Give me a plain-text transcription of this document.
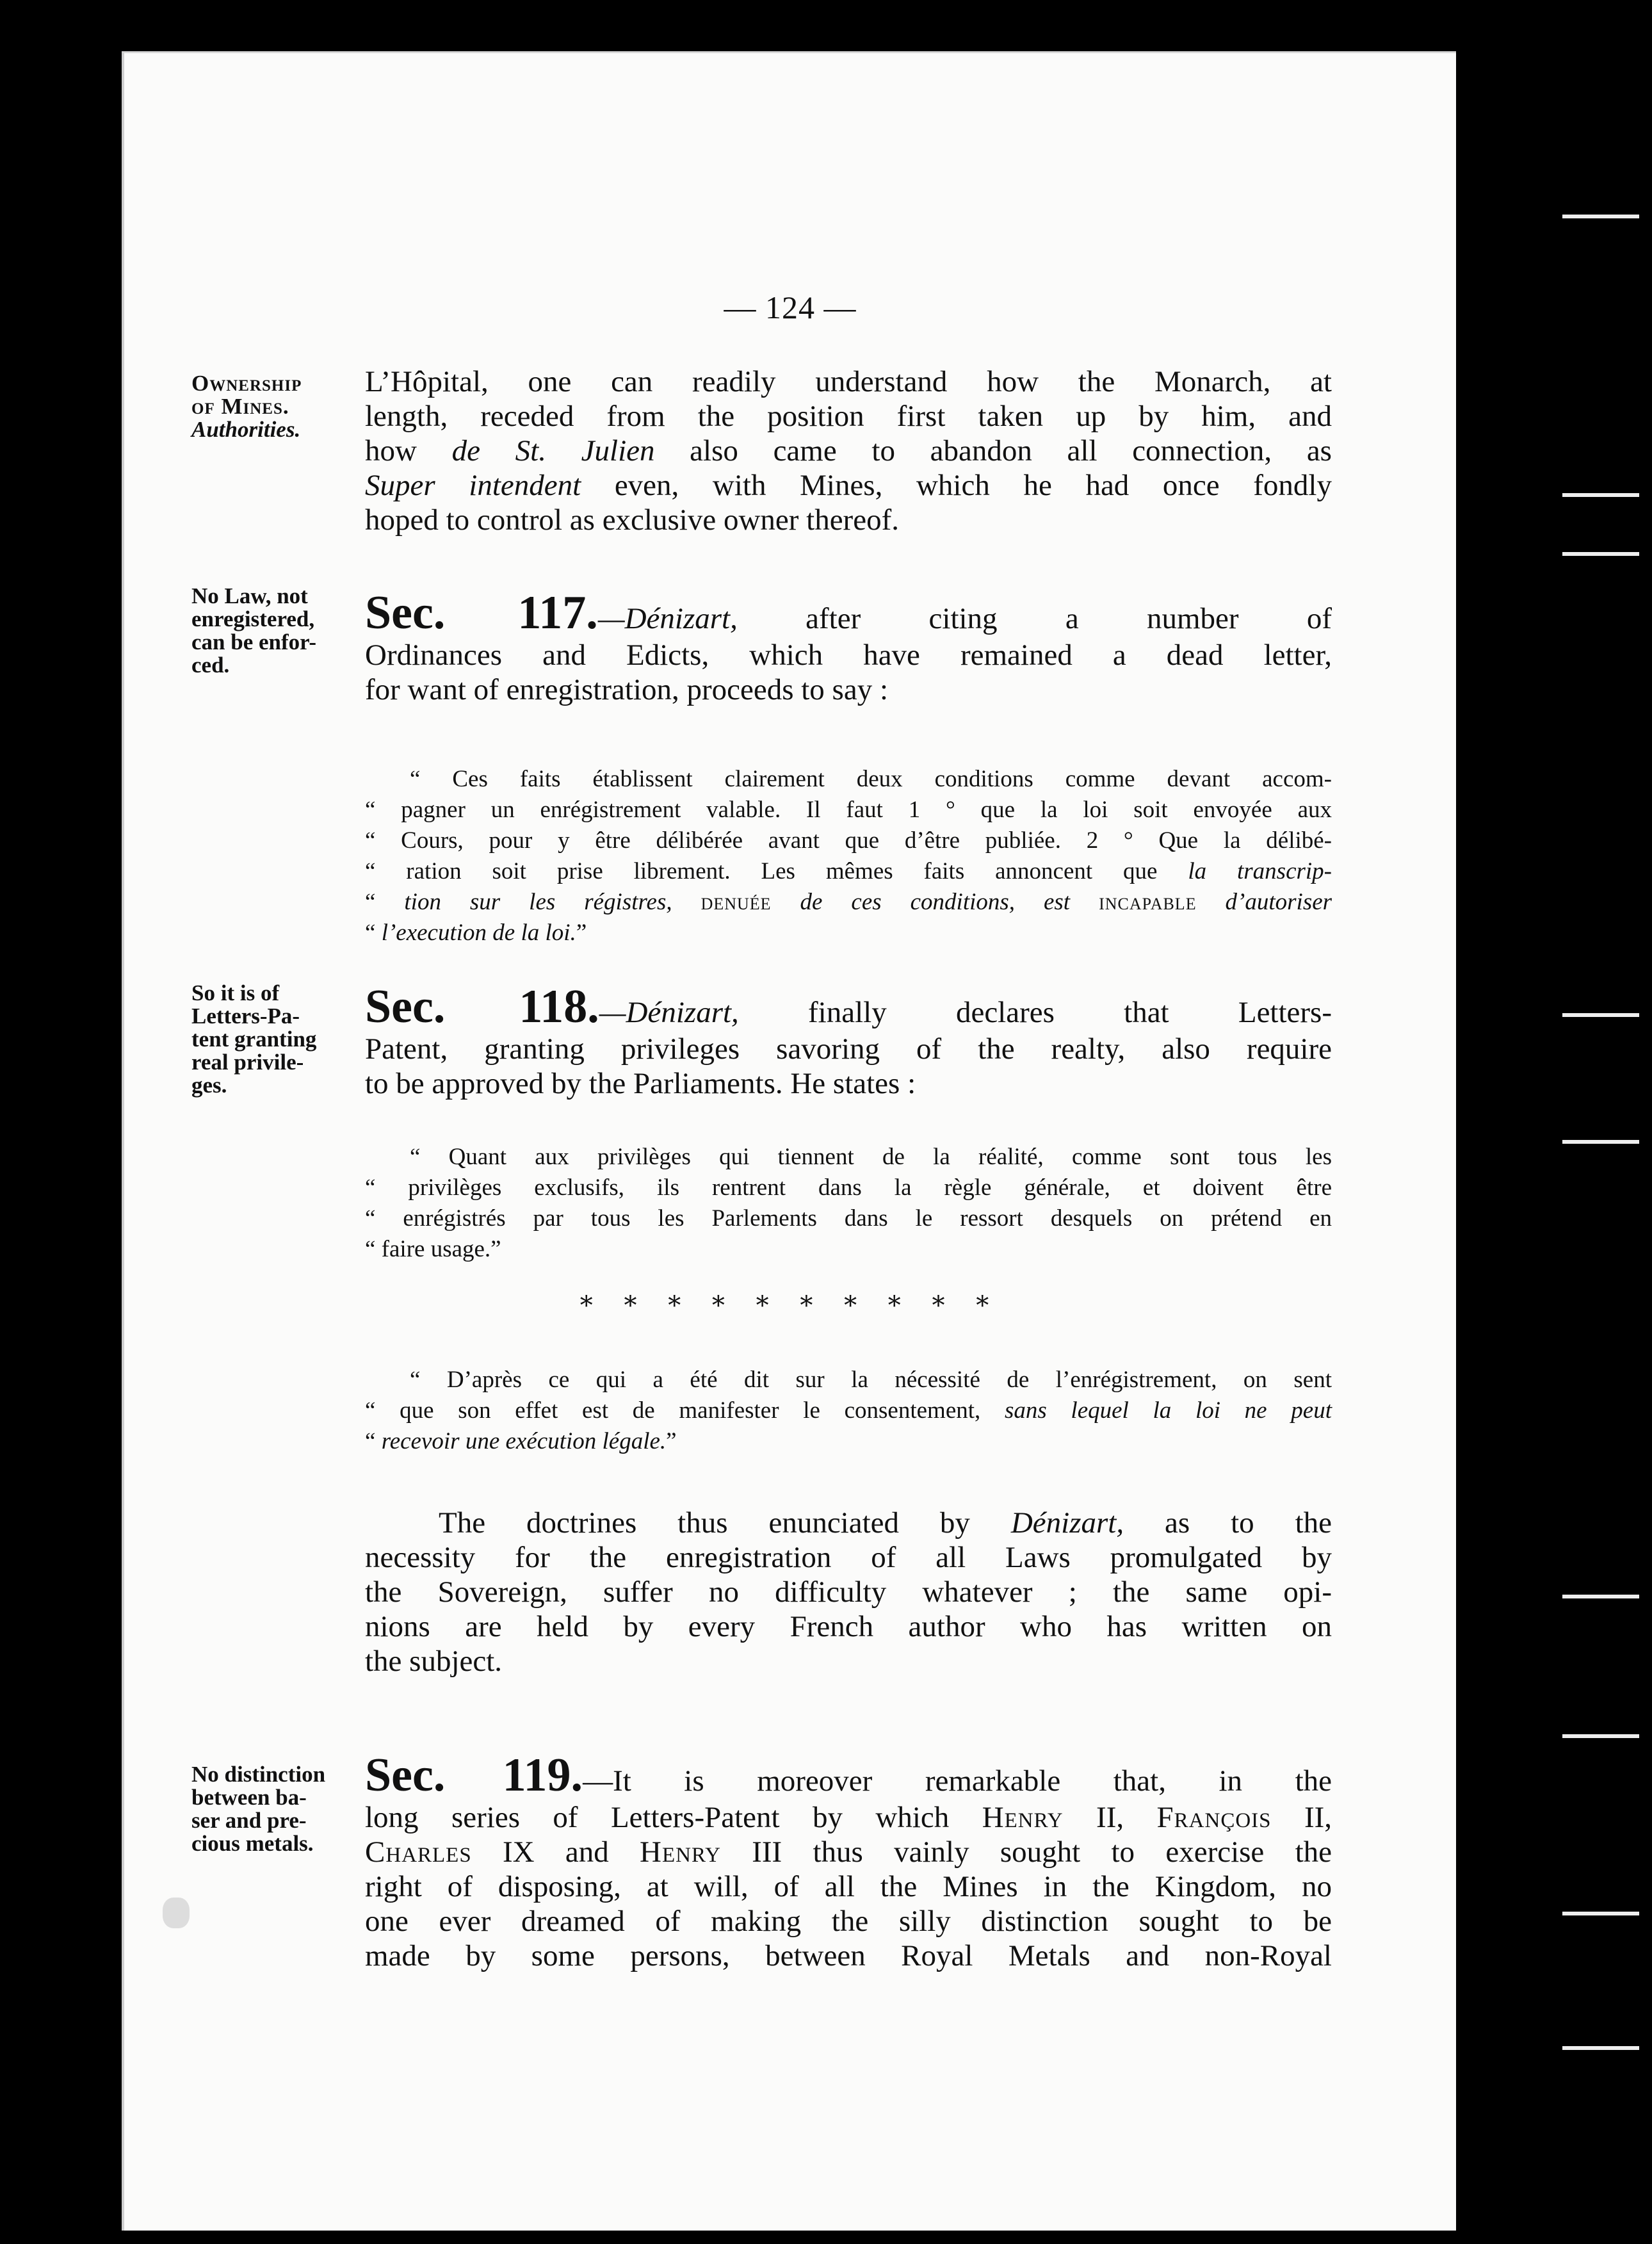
— 124 —
Ownership
of Mines.
Authorities.
L’Hôpital, one can readily understand how the Monarch, at
length, receded from the position first taken up by him, and
how de St. Julien also came to abandon all connection, as
Super intendent even, with Mines, which he had once fondly
hoped to control as exclusive owner thereof.
No Law, not
enregistered,
can be enfor-
ced.
Sec. 117.—Dénizart, after citing a number of
Ordinances and Edicts, which have remained a dead letter,
for want of enregistration, proceeds to say :
“ Ces faits établissent clairement deux conditions comme devant accom-
“ pagner un enrégistrement valable. Il faut 1 ° que la loi soit envoyée aux
“ Cours, pour y être délibérée avant que d’être publiée. 2 ° Que la délibé-
“ ration soit prise librement. Les mêmes faits annoncent que la transcrip-
“ tion sur les régistres, denuée de ces conditions, est incapable d’autoriser
“ l’execution de la loi.”
So it is of
Letters-Pa-
tent granting
real privile-
ges.
Sec. 118.—Dénizart, finally declares that Letters-
Patent, granting privileges savoring of the realty, also require
to be approved by the Parliaments. He states :
“ Quant aux privilèges qui tiennent de la réalité, comme sont tous les
“ privilèges exclusifs, ils rentrent dans la règle générale, et doivent être
“ enrégistrés par tous les Parlements dans le ressort desquels on prétend en
“ faire usage.”
* * * * * * * * * *
“ D’après ce qui a été dit sur la nécessité de l’enrégistrement, on sent
“ que son effet est de manifester le consentement, sans lequel la loi ne peut
“ recevoir une exécution légale.”
The doctrines thus enunciated by Dénizart, as to the
necessity for the enregistration of all Laws promulgated by
the Sovereign, suffer no difficulty whatever ; the same opi-
nions are held by every French author who has written on
the subject.
No distinction
between ba-
ser and pre-
cious metals.
Sec. 119.—It is moreover remarkable that, in the
long series of Letters-Patent by which Henry II, François II,
Charles IX and Henry III thus vainly sought to exercise the
right of disposing, at will, of all the Mines in the Kingdom, no
one ever dreamed of making the silly distinction sought to be
made by some persons, between Royal Metals and non-Royal
